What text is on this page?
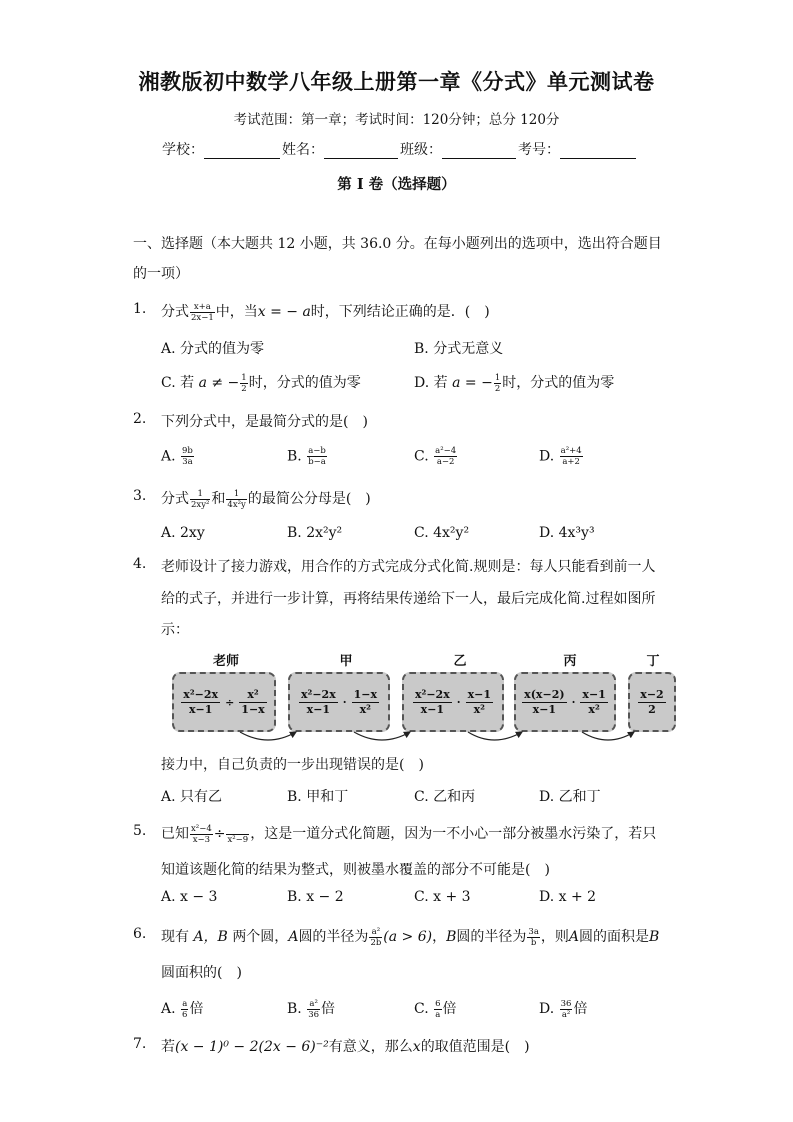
湘教版初中数学八年级上册第一章《分式》单元测试卷
考试范围：第一章；考试时间：120分钟；总分 120分
学校：	姓名：	班级：	考号：
第 I 卷（选择题）
一、选择题（本大题共 12 小题，共 36.0 分。在每小题列出的选项中，选出符合题目的一项）
1. 分式 $\frac{x+a}{2x-1}$ 中，当x = − a时，下列结论正确的是．(　)
A. 分式的值为零	B. 分式无意义
C. 若 a ≠ − $\frac{1}{2}$ 时，分式的值为零	D. 若 a = − $\frac{1}{2}$ 时，分式的值为零
2. 下列分式中，是最简分式的是(　)
A. $\frac{9b}{3a}$	B. $\frac{a-b}{b-a}$	C. $\frac{\text{a²−4}}{a-2}$	D. $\frac{\text{a²+4}}{a+2}$
3. 分式 $\frac{1}{\text{2xy²}}$ 和 $\frac{1}{\text{4x²y}}$ 的最简公分母是(　)
A. 2xy	B. 2x²y²	C. 4x²y²	D. 4x³y³
4. 老师设计了接力游戏，用合作的方式完成分式化简.规则是：每人只能看到前一人
给的式子，并进行一步计算，再将结果传递给下一人，最后完成化简.过程如图所
示：
老师	甲	乙	丙	丁
$\frac{\text{x²−2x}}{x-1} \div \frac{\text{x²}}{1-x}$	$\frac{\text{x²−2x}}{x-1} \cdot \frac{1-x}{\text{x²}}$	$\frac{\text{x²−2x}}{x-1} \cdot \frac{x-1}{\text{x²}}$	$\frac{x(x-2)}{x-1} \cdot \frac{x-1}{\text{x²}}$	$\frac{x-2}{2}$
接力中，自己负责的一步出现错误的是(　)
A. 只有乙	B. 甲和丁	C. 乙和丙	D. 乙和丁
5. 已知 $\frac{\text{x²−4}}{x-3} \div x^2-9$ ，这是一道分式化简题，因为一不小心一部分被墨水污染了，若只
知道该题化简的结果为整式，则被墨水覆盖的部分不可能是(　)
A. x − 3	B. x − 2	C. x + 3	D. x + 2
6. 现有 A，B 两个圆，A圆的半径为 $\frac{\text{a²}}{2b} (a > 6)$，B圆的半径为 $\frac{3a}{b}$ ，则A圆的面积是B
圆面积的(　)
A. $\frac{a}{6}$ 倍	B. $\frac{\text{a²}}{36}$ 倍	C. $\frac{6}{a}$ 倍	D. $\frac{36}{\text{a²}}$ 倍
7. 若(x − 1)⁰ − 2(2x − 6)⁻²有意义，那么x的取值范围是(　)
